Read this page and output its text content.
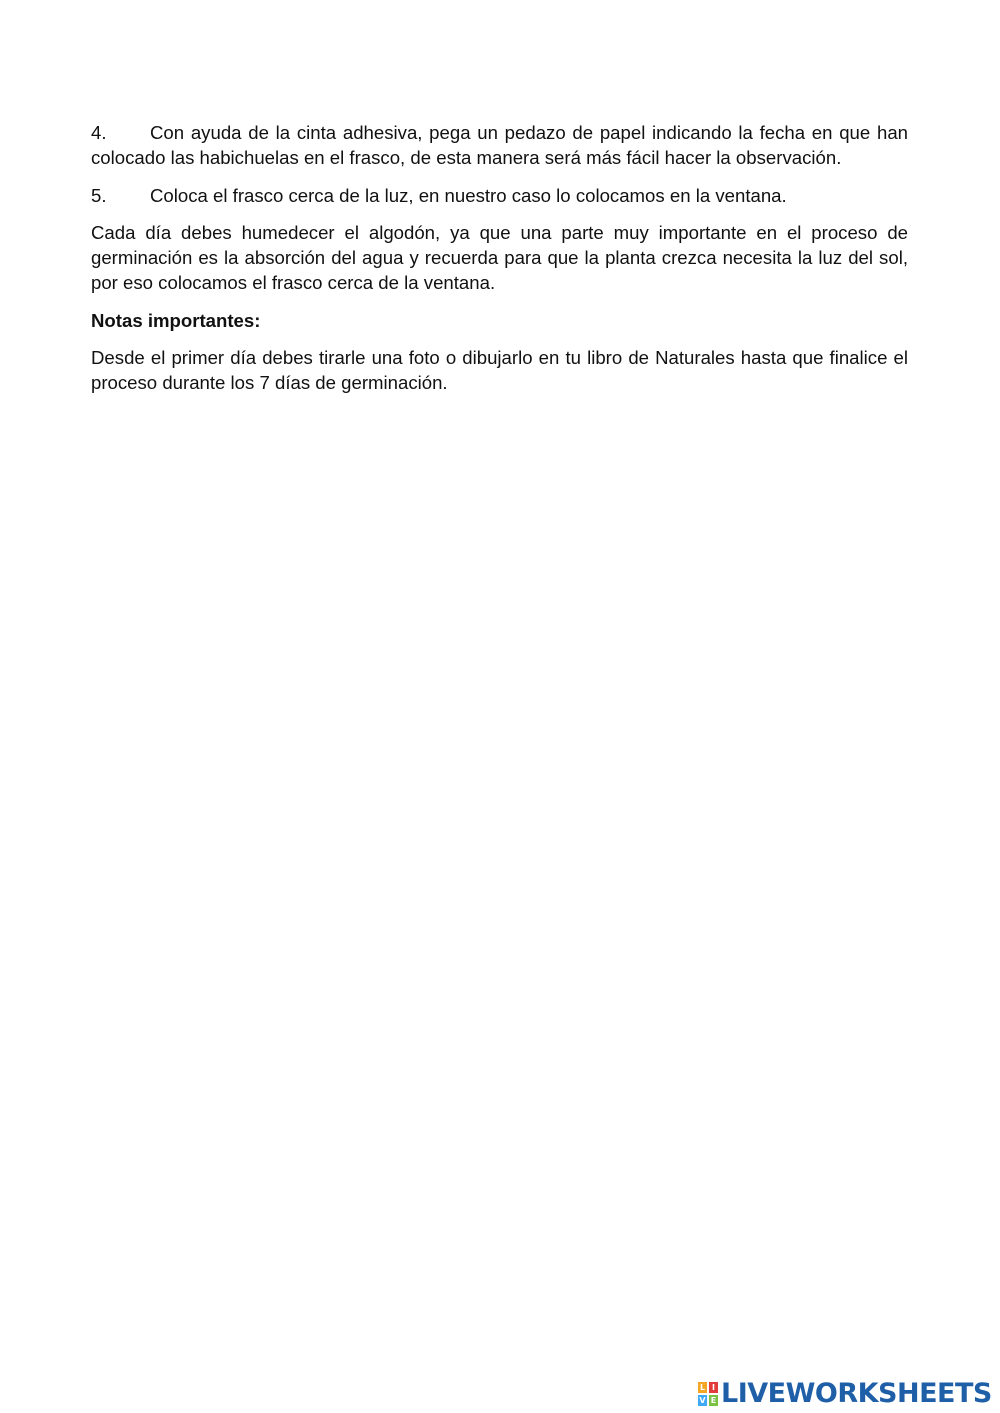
4. Con ayuda de la cinta adhesiva, pega un pedazo de papel indicando la fecha en que han colocado las habichuelas en el frasco, de esta manera será más fácil hacer la observación.

5. Coloca el frasco cerca de la luz, en nuestro caso lo colocamos en la ventana.

Cada día debes humedecer el algodón, ya que una parte muy importante en el proceso de germinación es la absorción del agua y recuerda para que la planta crezca necesita la luz del sol, por eso colocamos el frasco cerca de la ventana.

Notas importantes:

Desde el primer día debes tirarle una foto o dibujarlo en tu libro de Naturales hasta que finalice el proceso durante los 7 días de germinación.

L I
V E LIVEWORKSHEETS
